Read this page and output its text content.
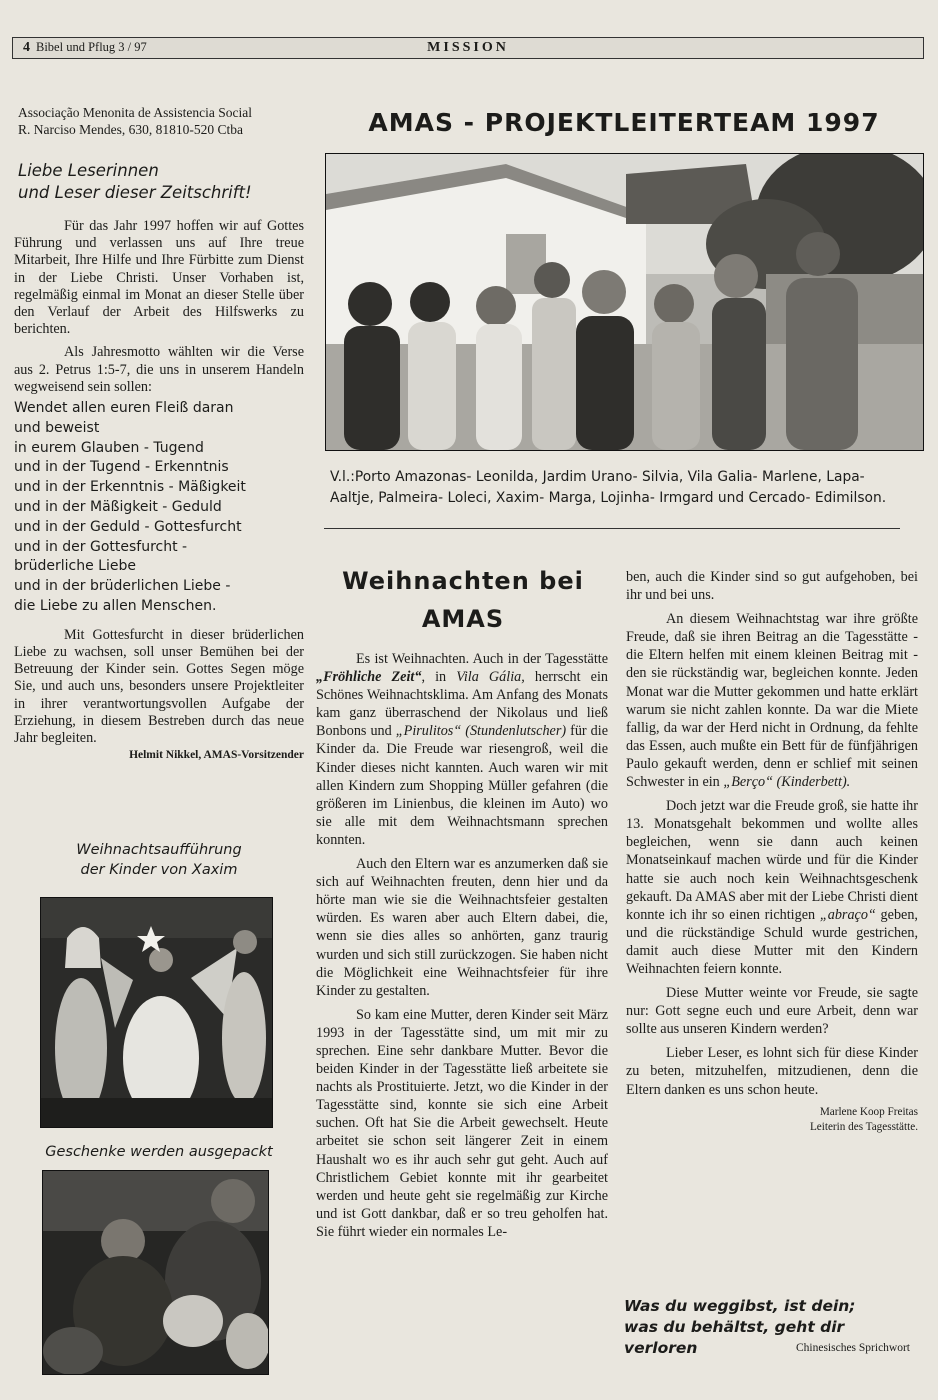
4 Bibel und Pflug 3 / 97	MISSION
Associação Menonita de Assistencia Social
R. Narciso Mendes, 630, 81810-520 Ctba
Liebe Leserinnen
und Leser dieser Zeitschrift!

Für das Jahr 1997 hoffen wir auf Gottes Führung und verlassen uns auf Ihre treue Mitarbeit, Ihre Hilfe und Ihre Fürbitte zum Dienst in der Liebe Christi. Unser Vorhaben ist, regelmäßig einmal im Monat an dieser Stelle über den Verlauf der Arbeit des Hilfswerks zu berichten.

Als Jahresmotto wählten wir die Verse aus 2. Petrus 1:5-7, die uns in unserem Handeln wegweisend sein sollen:

Wendet allen euren Fleiß daran
und beweist
in eurem Glauben - Tugend
und in der Tugend - Erkenntnis
und in der Erkenntnis - Mäßigkeit
und in der Mäßigkeit - Geduld
und in der Geduld - Gottesfurcht
und in der Gottesfurcht -
brüderliche Liebe
und in der brüderlichen Liebe -
die Liebe zu allen Menschen.

Mit Gottesfurcht in dieser brüderlichen Liebe zu wachsen, soll unser Bemühen bei der Betreuung der Kinder sein. Gottes Segen möge Sie, und auch uns, besonders unsere Projektleiter in ihrer verantwortungsvollen Aufgabe der Erziehung, in diesem Bestreben durch das neue Jahr begleiten.

Helmit Nikkel, AMAS-Vorsitzender
Weihnachtsaufführung
der Kinder von Xaxim
Geschenke werden ausgepackt
AMAS - PROJEKTLEITERTEAM 1997
V.l.:Porto Amazonas- Leonilda, Jardim Urano- Silvia, Vila Galia- Marlene, Lapa- Aaltje, Palmeira- Loleci, Xaxim- Marga, Lojinha- Irmgard und Cercado- Edimilson.
Weihnachten bei
AMAS

Es ist Weihnachten. Auch in der Tagesstätte „Fröhliche Zeit“, in Vila Gália, herrscht ein Schönes Weihnachtsklima. Am Anfang des Monats kam ganz überraschend der Nikolaus und ließ Bonbons und „Pirulitos“ (Stundenlutscher) für die Kinder da. Die Freude war riesengroß, weil die Kinder dieses nicht kannten. Auch waren wir mit allen Kindern zum Shopping Müller gefahren (die größeren im Linienbus, die kleinen im Auto) wo sie alle mit dem Weihnachtsmann sprechen konnten.

Auch den Eltern war es anzumerken daß sie sich auf Weihnachten freuten, denn hier und da hörte man wie sie die Weihnachtsfeier gestalten würden. Es waren aber auch Eltern dabei, die, wenn sie dies alles so anhörten, ganz traurig wurden und sich still zurückzogen. Sie haben nicht die Möglichkeit eine Weihnachtsfeier für ihre Kinder zu gestalten.

So kam eine Mutter, deren Kinder seit März 1993 in der Tagesstätte sind, um mit mir zu sprechen. Eine sehr dankbare Mutter. Bevor die beiden Kinder in der Tagesstätte ließ arbeitete sie nachts als Prostituierte. Jetzt, wo die Kinder in der Tagesstätte sind, konnte sie sich eine Arbeit suchen. Oft hat Sie die Arbeit gewechselt. Heute arbeitet sie schon seit längerer Zeit in einem Haushalt wo es ihr auch sehr gut geht. Auch auf Christlichem Gebiet konnte mit ihr gearbeitet werden und heute geht sie regelmäßig zur Kirche und ist Gott dankbar, daß er so treu geholfen hat. Sie führt wieder ein normales Le-

ben, auch die Kinder sind so gut aufgehoben, bei ihr und bei uns.

An diesem Weihnachtstag war ihre größte Freude, daß sie ihren Beitrag an die Tagesstätte - die Eltern helfen mit einem kleinen Beitrag mit - den sie rückständig war, begleichen konnte. Jeden Monat war die Mutter gekommen und hatte erklärt warum sie nicht zahlen konnte. Da war die Miete fallig, da war der Herd nicht in Ordnung, da fehlte das Essen, auch mußte ein Bett für de fünfjährigen Paulo gekauft werden, denn er schlief mit seinen Schwester in ein „Berço“ (Kinderbett).

Doch jetzt war die Freude groß, sie hatte ihr 13. Monatsgehalt bekommen und wollte alles begleichen, wenn sie dann auch keinen Monatseinkauf machen würde und für die Kinder hatte sie auch noch kein Weihnachtsgeschenk gekauft. Da AMAS aber mit der Liebe Christi dient konnte ich ihr so einen richtigen „abraço“ geben, und die rückständige Schuld wurde gestrichen, damit auch diese Mutter mit den Kindern Weihnachten feiern konnte.

Diese Mutter weinte vor Freude, sie sagte nur: Gott segne euch und eure Arbeit, denn war sollte aus unseren Kindern werden?

Lieber Leser, es lohnt sich für diese Kinder zu beten, mitzuhelfen, mitzudienen, denn die Eltern danken es uns schon heute.

Marlene Koop Freitas
Leiterin des Tagesstätte.
Was du weggibst, ist dein;
was du behältst, geht dir verloren	Chinesisches Sprichwort
